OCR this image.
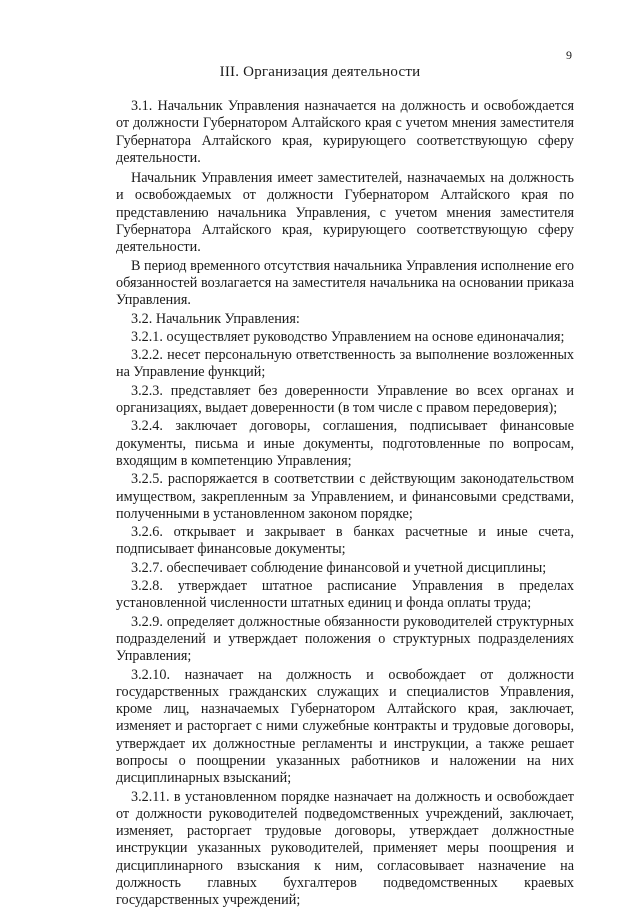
9
III. Организация деятельности

3.1. Начальник Управления назначается на должность и освобождается от должности Губернатором Алтайского края с учетом мнения заместителя Губернатора Алтайского края, курирующего соответствующую сферу деятельности.

Начальник Управления имеет заместителей, назначаемых на должность и освобождаемых от должности Губернатором Алтайского края по представлению начальника Управления, с учетом мнения заместителя Губернатора Алтайского края, курирующего соответствующую сферу деятельности.

В период временного отсутствия начальника Управления исполнение его обязанностей возлагается на заместителя начальника на основании приказа Управления.

3.2. Начальник Управления:

3.2.1. осуществляет руководство Управлением на основе единоначалия;

3.2.2. несет персональную ответственность за выполнение возложенных на Управление функций;

3.2.3. представляет без доверенности Управление во всех органах и организациях, выдает доверенности (в том числе с правом передоверия);

3.2.4. заключает договоры, соглашения, подписывает финансовые документы, письма и иные документы, подготовленные по вопросам, входящим в компетенцию Управления;

3.2.5. распоряжается в соответствии с действующим законодательством имуществом, закрепленным за Управлением, и финансовыми средствами, полученными в установленном законом порядке;

3.2.6. открывает и закрывает в банках расчетные и иные счета, подписывает финансовые документы;

3.2.7. обеспечивает соблюдение финансовой и учетной дисциплины;

3.2.8. утверждает штатное расписание Управления в пределах установленной численности штатных единиц и фонда оплаты труда;

3.2.9. определяет должностные обязанности руководителей структурных подразделений и утверждает положения о структурных подразделениях Управления;

3.2.10. назначает на должность и освобождает от должности государственных гражданских служащих и специалистов Управления, кроме лиц, назначаемых Губернатором Алтайского края, заключает, изменяет и расторгает с ними служебные контракты и трудовые договоры, утверждает их должностные регламенты и инструкции, а также решает вопросы о поощрении указанных работников и наложении на них дисциплинарных взысканий;

3.2.11. в установленном порядке назначает на должность и освобождает от должности руководителей подведомственных учреждений, заключает, изменяет, расторгает трудовые договоры, утверждает должностные инструкции указанных руководителей, применяет меры поощрения и дисциплинарного взыскания к ним, согласовывает назначение на должность главных бухгалтеров подведомственных краевых государственных учреждений;
